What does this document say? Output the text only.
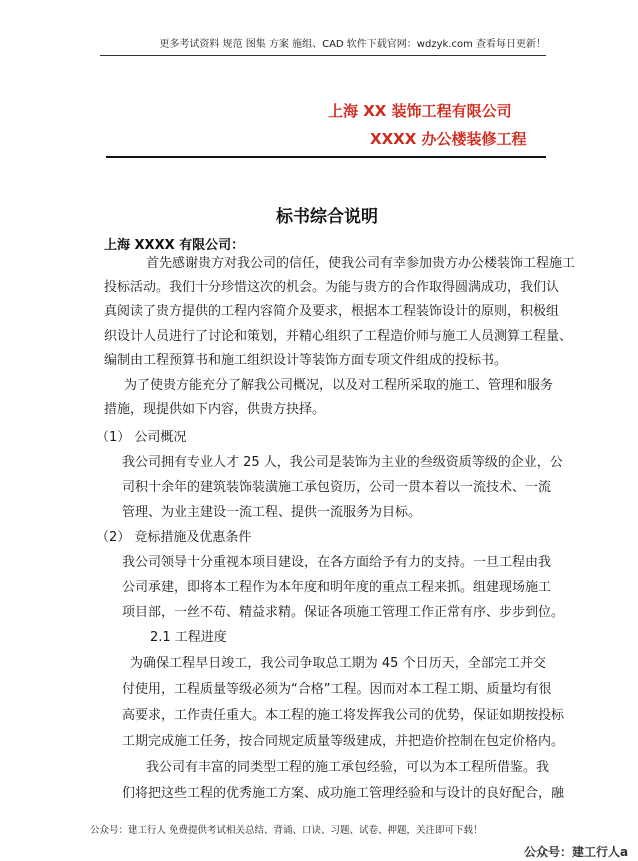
更多考试资料 规范 图集 方案 施组、CAD 软件下载官网：wdzyk.com 查看每日更新！
上海 XX 装饰工程有限公司
XXXX 办公楼装修工程
标书综合说明
上海 XXXX 有限公司：
首先感谢贵方对我公司的信任，使我公司有幸参加贵方办公楼装饰工程施工
投标活动。我们十分珍惜这次的机会。为能与贵方的合作取得圆满成功，我们认
真阅读了贵方提供的工程内容简介及要求，根据本工程装饰设计的原则，积极组
织设计人员进行了讨论和策划，并精心组织了工程造价师与施工人员测算工程量、
编制由工程预算书和施工组织设计等装饰方面专项文件组成的投标书。
为了使贵方能充分了解我公司概况，以及对工程所采取的施工、管理和服务
措施，现提供如下内容，供贵方抉择。
（1） 公司概况
我公司拥有专业人才 25 人，我公司是装饰为主业的叁级资质等级的企业，公
司积十余年的建筑装饰装潢施工承包资历，公司一贯本着以一流技术、一流
管理、为业主建设一流工程、提供一流服务为目标。
（2） 竞标措施及优惠条件
我公司领导十分重视本项目建设，在各方面给予有力的支持。一旦工程由我
公司承建，即将本工程作为本年度和明年度的重点工程来抓。组建现场施工
项目部，一丝不苟、精益求精。保证各项施工管理工作正常有序、步步到位。
2.1 工程进度
为确保工程早日竣工，我公司争取总工期为 45 个日历天，全部完工并交
付使用，工程质量等级必须为“合格”工程。因而对本工程工期、质量均有很
高要求，工作责任重大。本工程的施工将发挥我公司的优势，保证如期按投标
工期完成施工任务，按合同规定质量等级建成，并把造价控制在包定价格内。
我公司有丰富的同类型工程的施工承包经验，可以为本工程所借鉴。我
们将把这些工程的优秀施工方案、成功施工管理经验和与设计的良好配合，融
公众号：建工行人 免费提供考试相关总结、背诵、口诀、习题、试卷、押题，关注即可下载！
公众号：建工行人a
